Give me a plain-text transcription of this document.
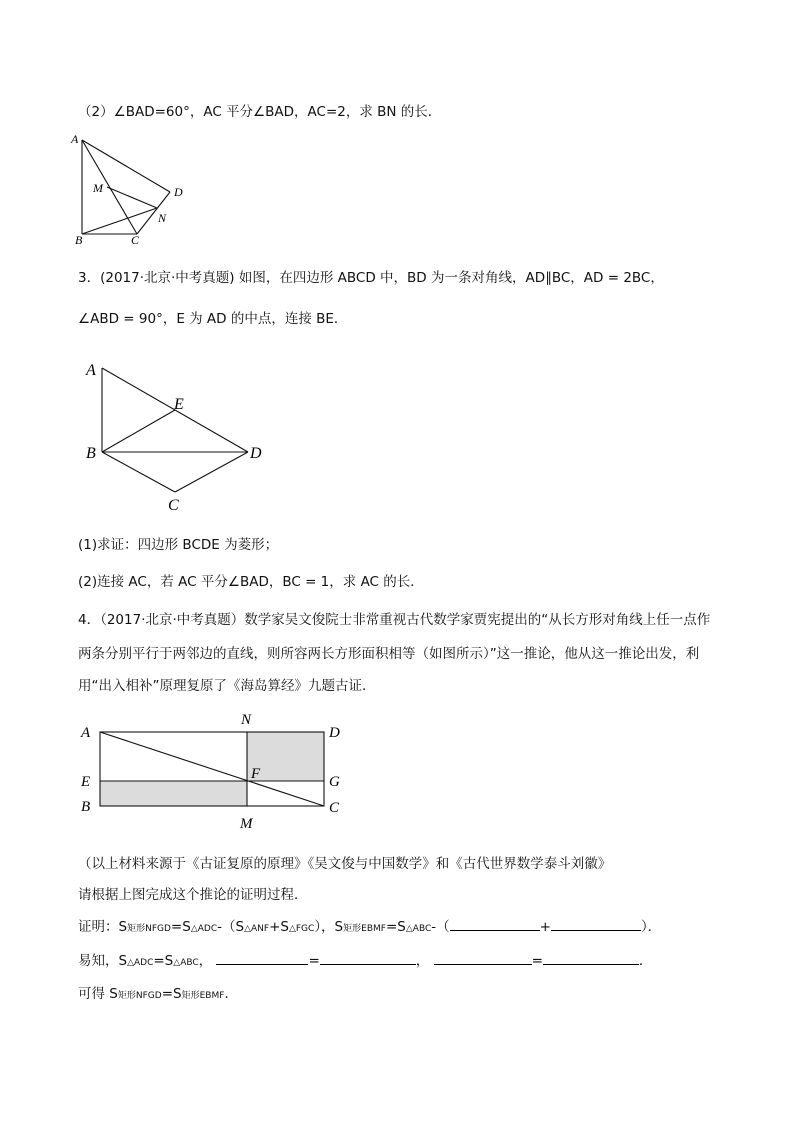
（2）∠BAD=60°，AC 平分∠BAD，AC=2，求 BN 的长．
A
M	D
N
B	C
3．(2017·北京·中考真题) 如图，在四边形 ABCD 中，BD 为一条对角线，AD∥BC，AD = 2BC，
∠ABD = 90°，E 为 AD 的中点，连接 BE．
A
E
B	D
C
(1)求证：四边形 BCDE 为菱形；
(2)连接 AC，若 AC 平分∠BAD，BC = 1，求 AC 的长．
4．（2017·北京·中考真题）数学家吴文俊院士非常重视古代数学家贾宪提出的“从长方形对角线上任一点作
两条分别平行于两邻边的直线，则所容两长方形面积相等（如图所示）”这一推论，他从这一推论出发，利
用“出入相补”原理复原了《海岛算经》九题古证．
A
N
D
E	F	G
B
M
C
（以上材料来源于《古证复原的原理》《吴文俊与中国数学》和《古代世界数学泰斗刘徽》
请根据上图完成这个推论的证明过程．
证明：S矩形NFGD=S△ADC-（S△ANF+S△FGC），S矩形EBMF=S△ABC-（	+	）．
易知，S△ADC=S△ABC，	=	，	=	．
可得 S矩形NFGD=S矩形EBMF．
